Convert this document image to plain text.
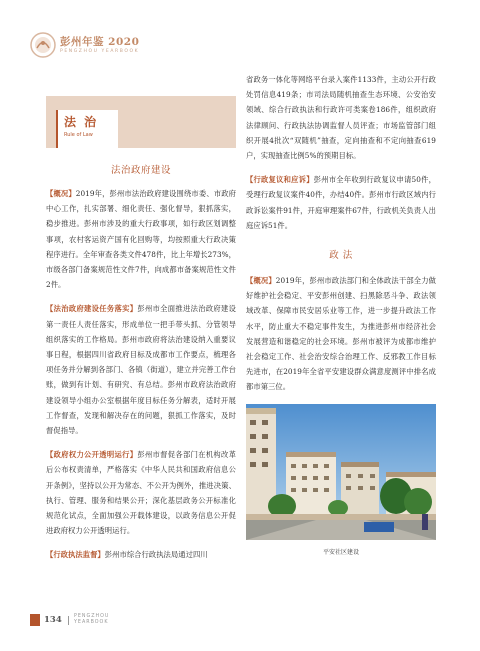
彭州年鉴 2020
PENGZHOU YEARBOOK
法 治
Rule of Law
法治政府建设

【概况】2019年，彭州市法治政府建设围绕市委、市政府中心工作，扎实部署、细化责任、强化督导，狠抓落实，稳步推进。彭州市涉及的重大行政事项，如行政区划调整事项，农村客运资产国有化回购等，均按照重大行政决策程序进行。全年审查各类文件478件，比上年增长273%，市级各部门备案规范性文件7件，向成都市备案规范性文件2件。

【法治政府建设任务落实】彭州市全面推进法治政府建设第一责任人责任落实，形成单位一把手带头抓、分管领导组织落实的工作格局。彭州市政府将法治建设纳入重要议事日程，根据四川省政府目标及成都市工作要点，梳理各项任务并分解到各部门、各镇（街道），建立并完善工作台账，做到有计划、有研究、有总结。彭州市政府法治政府建设领导小组办公室根据年度目标任务分解表，适时开展工作督查，发现和解决存在的问题，狠抓工作落实，及时督促指导。

【政府权力公开透明运行】彭州市督促各部门在机构改革后公布权责清单，严格落实《中华人民共和国政府信息公开条例》，坚持以公开为常态、不公开为例外，推进决策、执行、管理、服务和结果公开；深化基层政务公开标准化规范化试点，全面加强公开载体建设，以政务信息公开促进政府权力公开透明运行。

【行政执法监督】彭州市综合行政执法局通过四川

省政务一体化等网络平台录入案件1133件，主动公开行政处罚信息419条；市司法局随机抽查生态环境、公安治安领域、综合行政执法和行政许可类案卷186件，组织政府法律顾问、行政执法协调监督人员评查；市场监管部门组织开展4批次“双随机”抽查，定向抽查和不定向抽查619户，实现抽查比例5%的预期目标。

【行政复议和应诉】彭州市全年收到行政复议申请50件，受理行政复议案件40件，办结40件。彭州市行政区域内行政诉讼案件91件，开庭审理案件67件，行政机关负责人出庭应诉51件。

政 法

【概况】2019年，彭州市政法部门和全体政法干部全力做好维护社会稳定、平安彭州创建、扫黑除恶斗争、政法领域改革、保障市民安居乐业等工作，进一步提升政法工作水平，防止重大不稳定事件发生，为推进彭州市经济社会发展营造和谐稳定的社会环境。彭州市被评为成都市维护社会稳定工作、社会治安综合治理工作、反邪教工作目标先进市，在2019年全省平安建设群众满意度测评中排名成都市第三位。

平安社区建设
134	PENGZHOU
YEARBOOK
